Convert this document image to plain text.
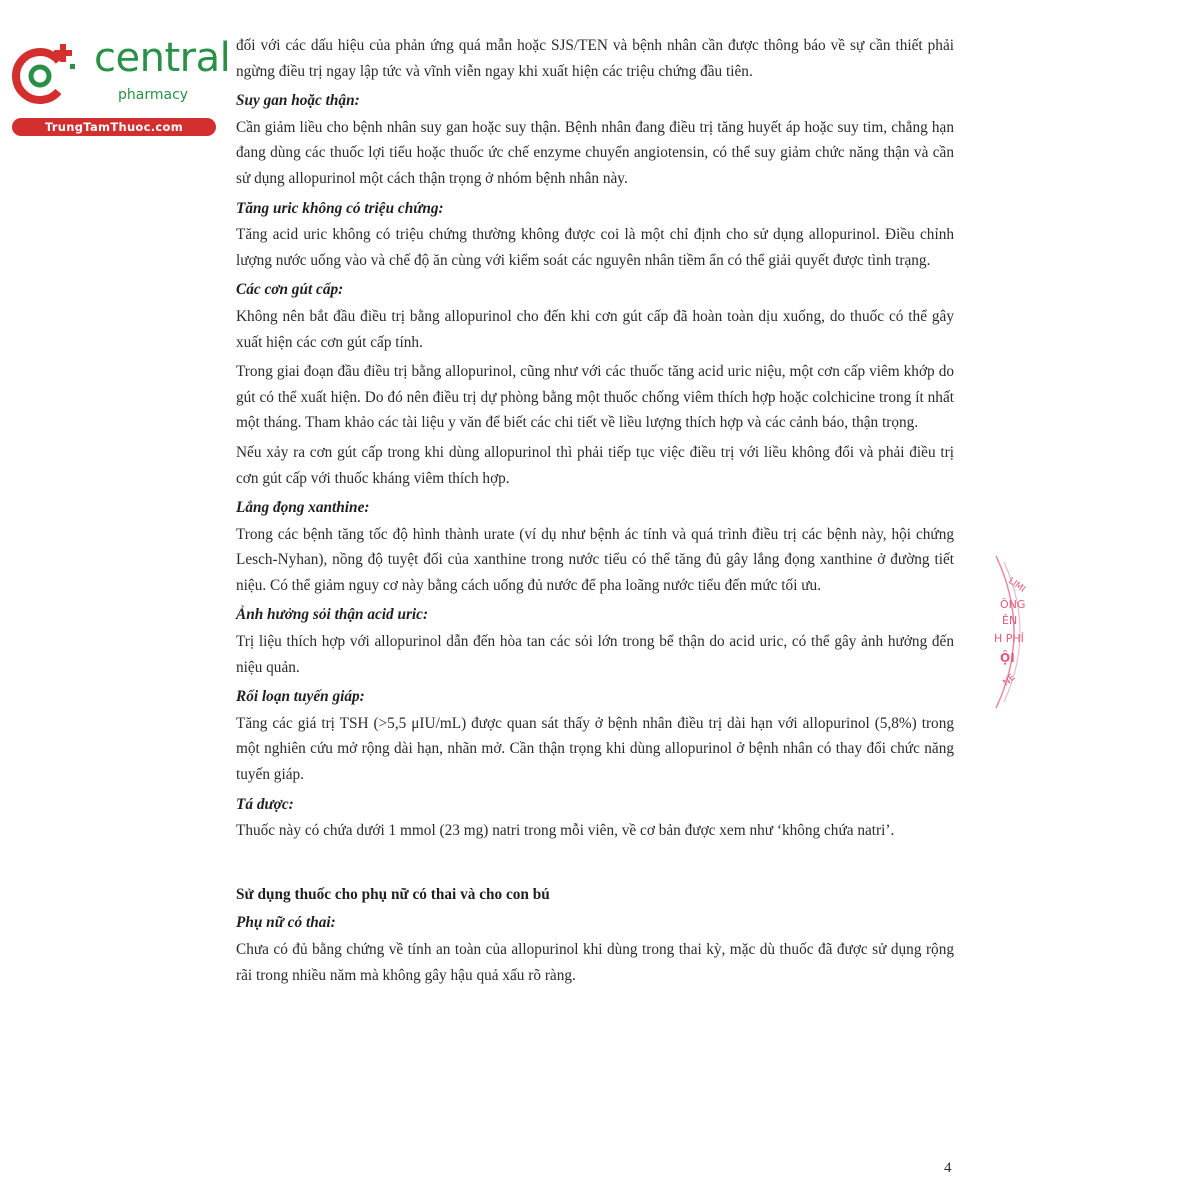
central
pharmacy
TrungTamThuoc.com

đối với các dấu hiệu của phản ứng quá mẫn hoặc SJS/TEN và bệnh nhân cần được thông báo về sự cần thiết phải ngừng điều trị ngay lập tức và vĩnh viễn ngay khi xuất hiện các triệu chứng đầu tiên.

Suy gan hoặc thận:

Cần giảm liều cho bệnh nhân suy gan hoặc suy thận. Bệnh nhân đang điều trị tăng huyết áp hoặc suy tim, chẳng hạn đang dùng các thuốc lợi tiểu hoặc thuốc ức chế enzyme chuyển angiotensin, có thể suy giảm chức năng thận và cần sử dụng allopurinol một cách thận trọng ở nhóm bệnh nhân này.

Tăng uric không có triệu chứng:

Tăng acid uric không có triệu chứng thường không được coi là một chỉ định cho sử dụng allopurinol. Điều chỉnh lượng nước uống vào và chế độ ăn cùng với kiểm soát các nguyên nhân tiềm ẩn có thể giải quyết được tình trạng.

Các cơn gút cấp:

Không nên bắt đầu điều trị bằng allopurinol cho đến khi cơn gút cấp đã hoàn toàn dịu xuống, do thuốc có thể gây xuất hiện các cơn gút cấp tính.

Trong giai đoạn đầu điều trị bằng allopurinol, cũng như với các thuốc tăng acid uric niệu, một cơn cấp viêm khớp do gút có thể xuất hiện. Do đó nên điều trị dự phòng bằng một thuốc chống viêm thích hợp hoặc colchicine trong ít nhất một tháng. Tham khảo các tài liệu y văn để biết các chi tiết về liều lượng thích hợp và các cảnh báo, thận trọng.

Nếu xảy ra cơn gút cấp trong khi dùng allopurinol thì phải tiếp tục việc điều trị với liều không đổi và phải điều trị cơn gút cấp với thuốc kháng viêm thích hợp.

Lắng đọng xanthine:

Trong các bệnh tăng tốc độ hình thành urate (ví dụ như bệnh ác tính và quá trình điều trị các bệnh này, hội chứng Lesch-Nyhan), nồng độ tuyệt đối của xanthine trong nước tiểu có thể tăng đủ gây lắng đọng xanthine ở đường tiết niệu. Có thể giảm nguy cơ này bằng cách uống đủ nước để pha loãng nước tiểu đến mức tối ưu.

Ảnh hưởng sỏi thận acid uric:

Trị liệu thích hợp với allopurinol dẫn đến hòa tan các sỏi lớn trong bể thận do acid uric, có thể gây ảnh hưởng đến niệu quản.

Rối loạn tuyến giáp:

Tăng các giá trị TSH (>5,5 μIU/mL) được quan sát thấy ở bệnh nhân điều trị dài hạn với allopurinol (5,8%) trong một nghiên cứu mở rộng dài hạn, nhãn mở. Cần thận trọng khi dùng allopurinol ở bệnh nhân có thay đổi chức năng tuyến giáp.

Tá dược:

Thuốc này có chứa dưới 1 mmol (23 mg) natri trong mỗi viên, về cơ bản được xem như ‘không chứa natri’.

Sử dụng thuốc cho phụ nữ có thai và cho con bú

Phụ nữ có thai:

Chưa có đủ bằng chứng về tính an toàn của allopurinol khi dùng trong thai kỳ, mặc dù thuốc đã được sử dụng rộng rãi trong nhiều năm mà không gây hậu quả xấu rõ ràng.

4
LIMI
ÔNG
ÊN
H PHÍ
ỘI
NE
